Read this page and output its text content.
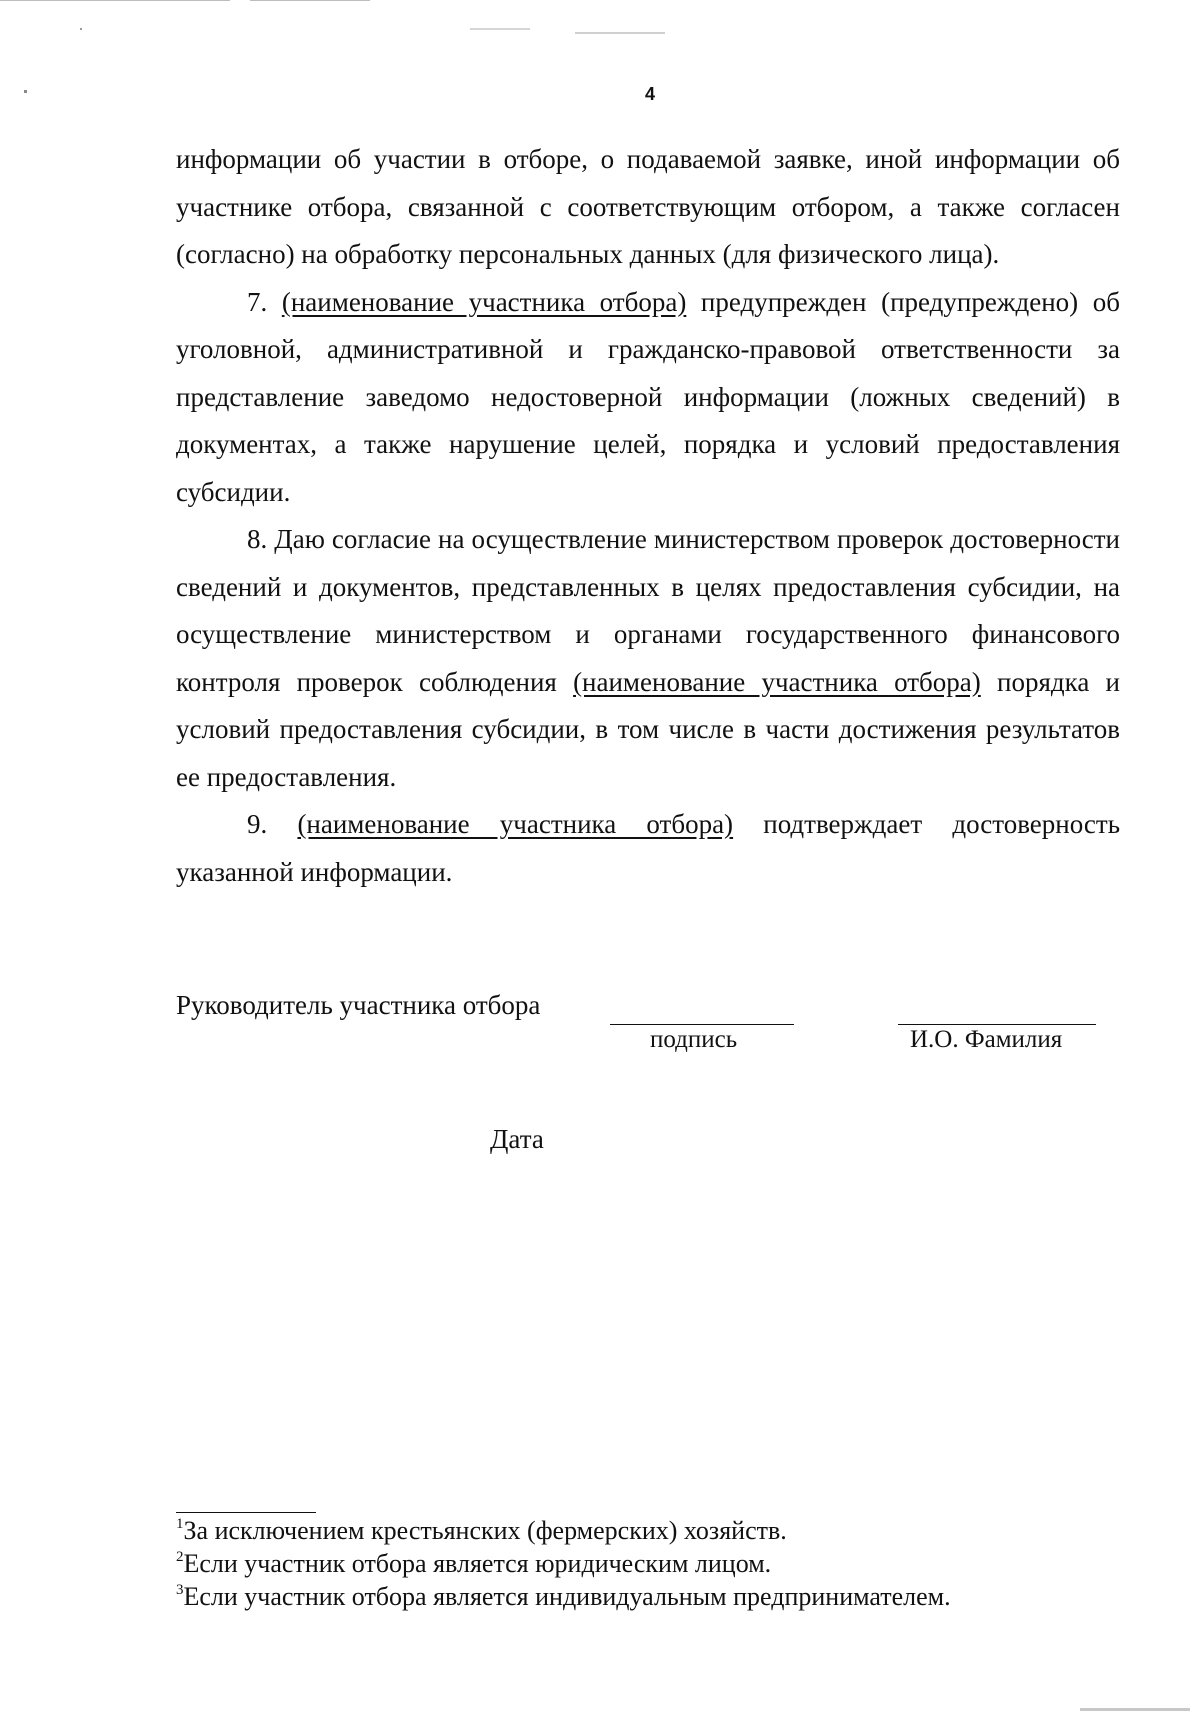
4

информации об участии в отборе, о подаваемой заявке, иной информации об участнике отбора, связанной с соответствующим отбором, а также согласен (согласно) на обработку персональных данных (для физического лица).

7. (наименование участника отбора) предупрежден (предупреждено) об уголовной, административной и гражданско-правовой ответственности за представление заведомо недостоверной информации (ложных сведений) в документах, а также нарушение целей, порядка и условий предоставления субсидии.

8. Даю согласие на осуществление министерством проверок достоверности сведений и документов, представленных в целях предоставления субсидии, на осуществление министерством и органами государственного финансового контроля проверок соблюдения (наименование участника отбора) порядка и условий предоставления субсидии, в том числе в части достижения результатов ее предоставления.

9. (наименование участника отбора) подтверждает достоверность указанной информации.

Руководитель участника отбора
подпись	И.О. Фамилия
Дата
$^1$За исключением крестьянских (фермерских) хозяйств.
$^2$Если участник отбора является юридическим лицом.
$^3$Если участник отбора является индивидуальным предпринимателем.
